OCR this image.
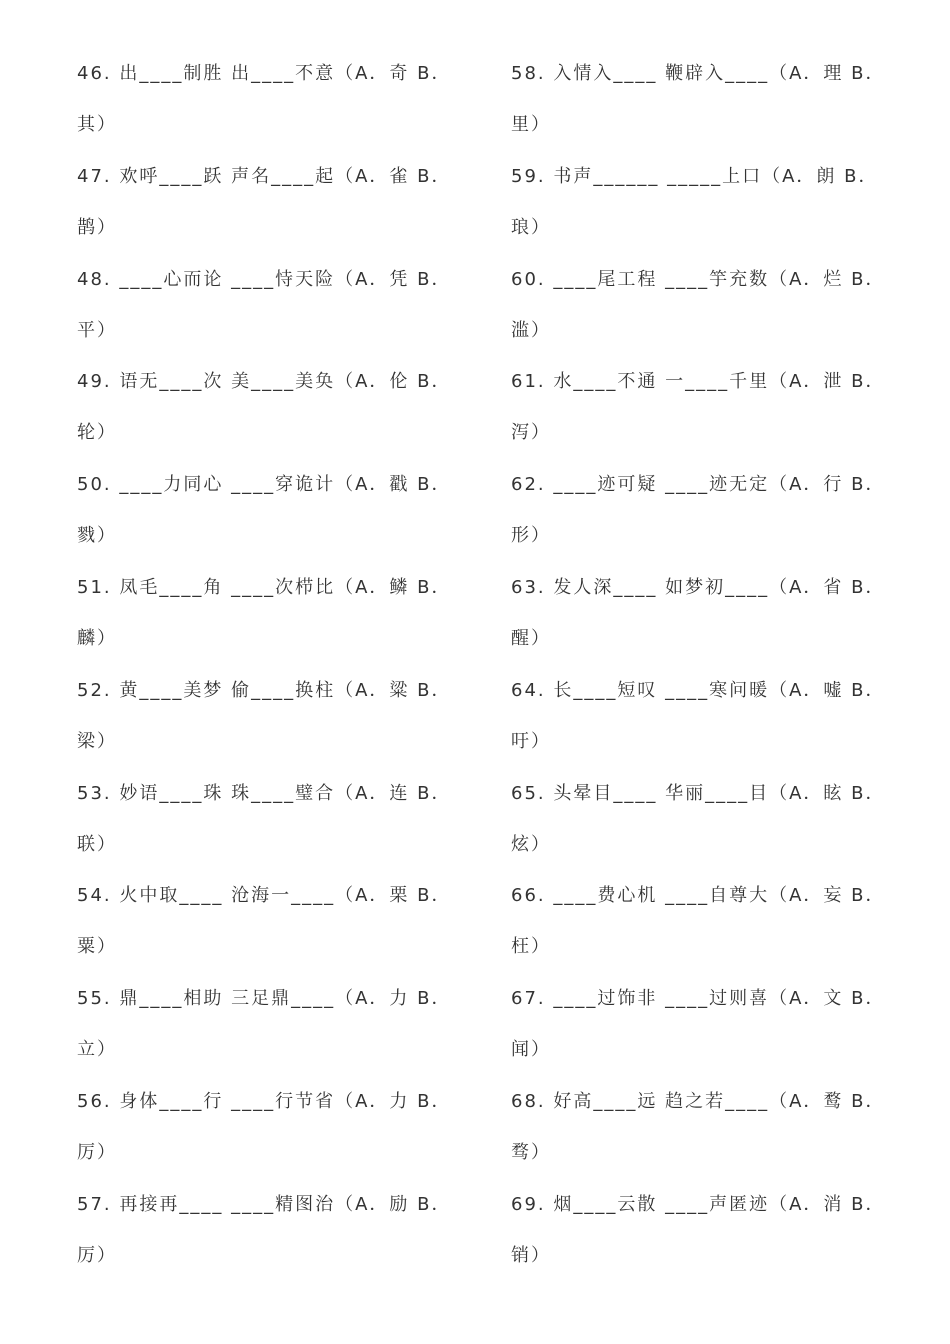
46. 出____制胜 出____不意（A．奇 B．
其）
47. 欢呼____跃 声名____起（A．雀 B．
鹊）
48. ____心而论 ____恃天险（A．凭 B．
平）
49. 语无____次 美____美奂（A．伦 B．
轮）
50. ____力同心 ____穿诡计（A．戳 B．
戮）
51. 凤毛____角 ____次栉比（A．鳞 B．
麟）
52. 黄____美梦 偷____换柱（A．粱 B．
梁）
53. 妙语____珠 珠____璧合（A．连 B．
联）
54. 火中取____ 沧海一____（A．栗 B．
粟）
55. 鼎____相助 三足鼎____（A．力 B．
立）
56. 身体____行 ____行节省（A．力 B．
厉）
57. 再接再____ ____精图治（A．励 B．
厉）
58. 入情入____ 鞭辟入____（A．理 B．
里）
59. 书声______ _____上口（A．朗 B．
琅）
60. ____尾工程 ____竽充数（A．烂 B．
滥）
61. 水____不通 一____千里（A．泄 B．
泻）
62. ____迹可疑 ____迹无定（A．行 B．
形）
63. 发人深____ 如梦初____（A．省 B．
醒）
64. 长____短叹 ____寒问暖（A．嘘 B．
吁）
65. 头晕目____ 华丽____目（A．眩 B．
炫）
66. ____费心机 ____自尊大（A．妄 B．
枉）
67. ____过饰非 ____过则喜（A．文 B．
闻）
68. 好高____远 趋之若____（A．鹜 B．
骛）
69. 烟____云散 ____声匿迹（A．消 B．
销）
